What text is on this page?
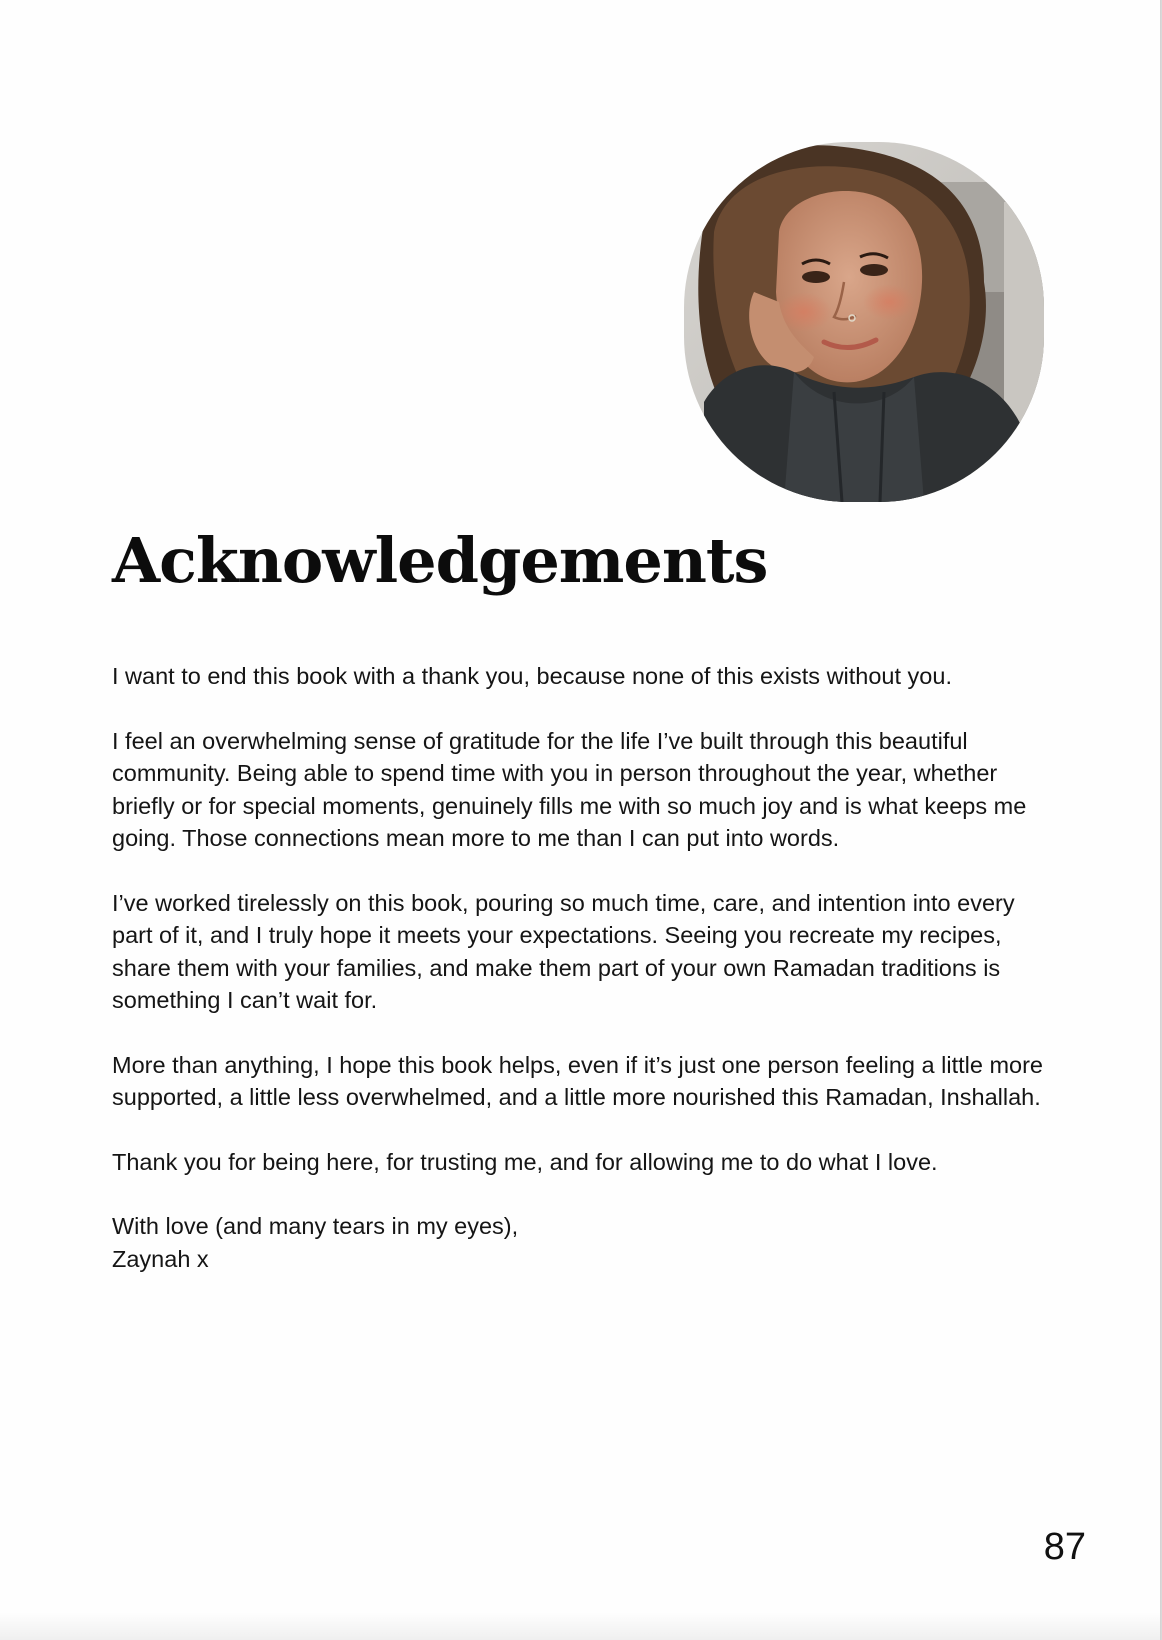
Acknowledgements

I want to end this book with a thank you, because none of this exists without you.

I feel an overwhelming sense of gratitude for the life I’ve built through this beautiful community. Being able to spend time with you in person throughout the year, whether briefly or for special moments, genuinely fills me with so much joy and is what keeps me going. Those connections mean more to me than I can put into words.

I’ve worked tirelessly on this book, pouring so much time, care, and intention into every part of it, and I truly hope it meets your expectations. Seeing you recreate my recipes, share them with your families, and make them part of your own Ramadan traditions is something I can’t wait for.

More than anything, I hope this book helps, even if it’s just one person feeling a little more supported, a little less overwhelmed, and a little more nourished this Ramadan, Inshallah.

Thank you for being here, for trusting me, and for allowing me to do what I love.

With love (and many tears in my eyes),
Zaynah x

87
